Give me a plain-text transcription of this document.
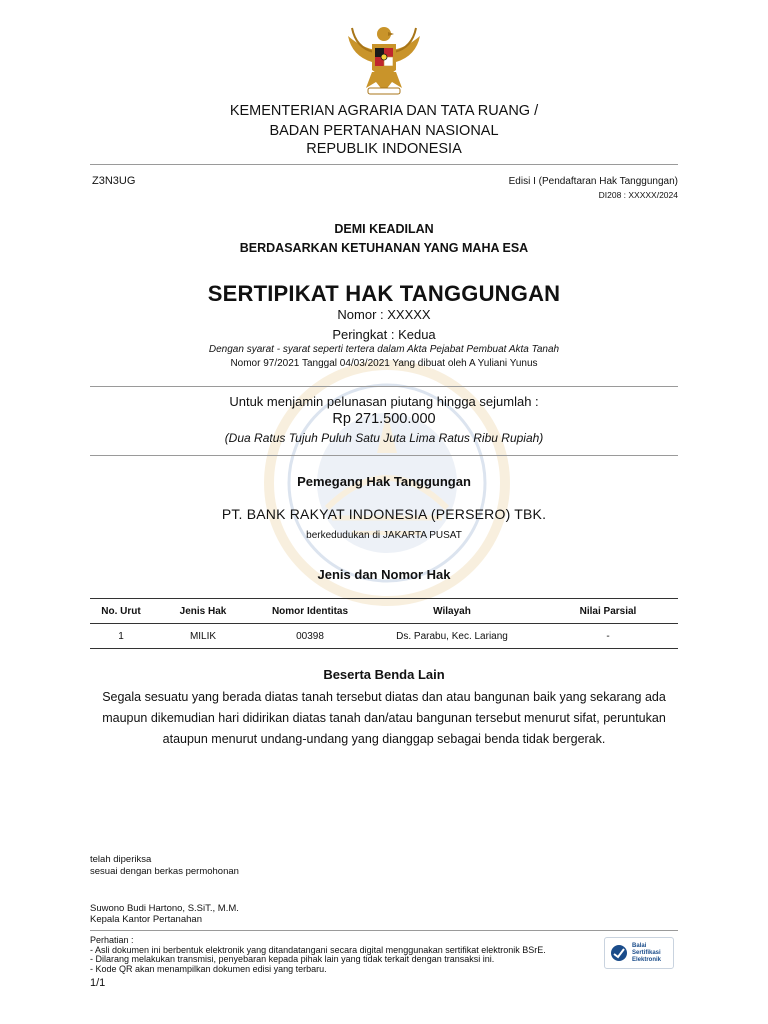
KEMENTERIAN AGRARIA DAN TATA RUANG /
BADAN PERTANAHAN NASIONAL
REPUBLIK INDONESIA
Z3N3UG	Edisi I (Pendaftaran Hak Tanggungan)
DI208 : XXXXX/2024
DEMI KEADILAN
BERDASARKAN KETUHANAN YANG MAHA ESA
SERTIPIKAT HAK TANGGUNGAN
Nomor : XXXXX
Peringkat : Kedua
Dengan syarat - syarat seperti tertera dalam Akta Pejabat Pembuat Akta Tanah
Nomor 97/2021 Tanggal 04/03/2021 Yang dibuat oleh A Yuliani Yunus
Untuk menjamin pelunasan piutang hingga sejumlah :
Rp 271.500.000
(Dua Ratus Tujuh Puluh Satu Juta Lima Ratus Ribu Rupiah)
Pemegang Hak Tanggungan
PT. BANK RAKYAT INDONESIA (PERSERO) TBK.
berkedudukan di JAKARTA PUSAT
Jenis dan Nomor Hak
No. Urut	Jenis Hak	Nomor Identitas	Wilayah	Nilai Parsial
1	MILIK	00398	Ds. Parabu, Kec. Lariang	-
Beserta Benda Lain
Segala sesuatu yang berada diatas tanah tersebut diatas dan atau bangunan baik yang sekarang ada
maupun dikemudian hari didirikan diatas tanah dan/atau bangunan tersebut menurut sifat, peruntukan
ataupun menurut undang-undang yang dianggap sebagai benda tidak bergerak.
telah diperiksa
sesuai dengan berkas permohonan
Suwono Budi Hartono, S.SiT., M.M.
Kepala Kantor Pertanahan
Perhatian :
- Asli dokumen ini berbentuk elektronik yang ditandatangani secara digital menggunakan sertifikat elektronik BSrE.
- Dilarang melakukan transmisi, penyebaran kepada pihak lain yang tidak terkait dengan transaksi ini.
- Kode QR akan menampilkan dokumen edisi yang terbaru.
Balai
Sertifikasi
Elektronik
1/1
